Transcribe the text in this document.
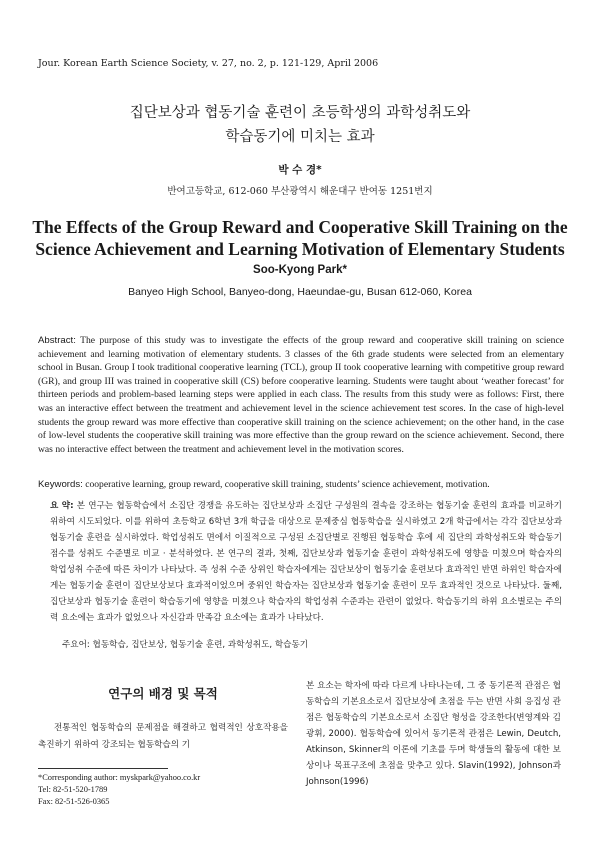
Jour. Korean Earth Science Society, v. 27, no. 2, p. 121-129, April 2006
집단보상과 협동기술 훈련이 초등학생의 과학성취도와
학습동기에 미치는 효과
박 수 경*
반여고등학교, 612-060 부산광역시 해운대구 반여동 1251번지
The Effects of the Group Reward and Cooperative Skill Training on the
Science Achievement and Learning Motivation of Elementary Students
Soo-Kyong Park*
Banyeo High School, Banyeo-dong, Haeundae-gu, Busan 612-060, Korea
Abstract: The purpose of this study was to investigate the effects of the group reward and cooperative skill training on science achievement and learning motivation of elementary students. 3 classes of the 6th grade students were selected from an elementary school in Busan. Group I took traditional cooperative learning (TCL), group II took cooperative learning with competitive group reward (GR), and group III was trained in cooperative skill (CS) before cooperative learning. Students were taught about ‘weather forecast’ for thirteen periods and problem-based learning steps were applied in each class. The results from this study were as follows: First, there was an interactive effect between the treatment and achievement level in the science achievement test scores. In the case of high-level students the group reward was more effective than cooperative skill training on the science achievement; on the other hand, in the case of low-level students the cooperative skill training was more effective than the group reward on the science achievement. Second, there was no interactive effect between the treatment and achievement level in the motivation scores.
Keywords: cooperative learning, group reward, cooperative skill training, students’ science achievement, motivation.
요 약: 본 연구는 협동학습에서 소집단 경쟁을 유도하는 집단보상과 소집단 구성원의 결속을 강조하는 협동기술 훈련의 효과를 비교하기 위하여 시도되었다. 이를 위하여 초등학교 6학년 3개 학급을 대상으로 문제중심 협동학습을 실시하였고 2개 학급에서는 각각 집단보상과 협동기술 훈련을 실시하였다. 학업성취도 면에서 이질적으로 구성된 소집단별로 진행된 협동학습 후에 세 집단의 과학성취도와 학습동기 점수를 성취도 수준별로 비교 · 분석하였다. 본 연구의 결과, 첫째, 집단보상과 협동기술 훈련이 과학성취도에 영향을 미쳤으며 학습자의 학업성취 수준에 따른 차이가 나타났다. 즉 성취 수준 상위인 학습자에게는 집단보상이 협동기술 훈련보다 효과적인 반면 하위인 학습자에게는 협동기술 훈련이 집단보상보다 효과적이었으며 중위인 학습자는 집단보상과 협동기술 훈련이 모두 효과적인 것으로 나타났다. 둘째, 집단보상과 협동기술 훈련이 학습동기에 영향을 미쳤으나 학습자의 학업성취 수준과는 관련이 없었다. 학습동기의 하위 요소별로는 주의력 요소에는 효과가 없었으나 자신감과 만족감 요소에는 효과가 나타났다.
주요어: 협동학습, 집단보상, 협동기술 훈련, 과학성취도, 학습동기
연구의 배경 및 목적
전통적인 협동학습의 문제점을 해결하고 협력적인 상호작용을 촉진하기 위하여 강조되는 협동학습의 기
본 요소는 학자에 따라 다르게 나타나는데, 그 중 동기론적 관점은 협동학습의 기본요소로서 집단보상에 초점을 두는 반면 사회 응집성 관점은 협동학습의 기본요소로서 소집단 형성을 강조한다(변영계와 김광휘, 2000). 협동학습에 있어서 동기론적 관점은 Lewin, Deutch, Atkinson, Skinner의 이론에 기초를 두며 학생들의 활동에 대한 보상이나 목표구조에 초점을 맞추고 있다. Slavin(1992), Johnson과 Johnson(1996)
*Corresponding author: myskpark@yahoo.co.kr
Tel: 82-51-520-1789
Fax: 82-51-526-0365
